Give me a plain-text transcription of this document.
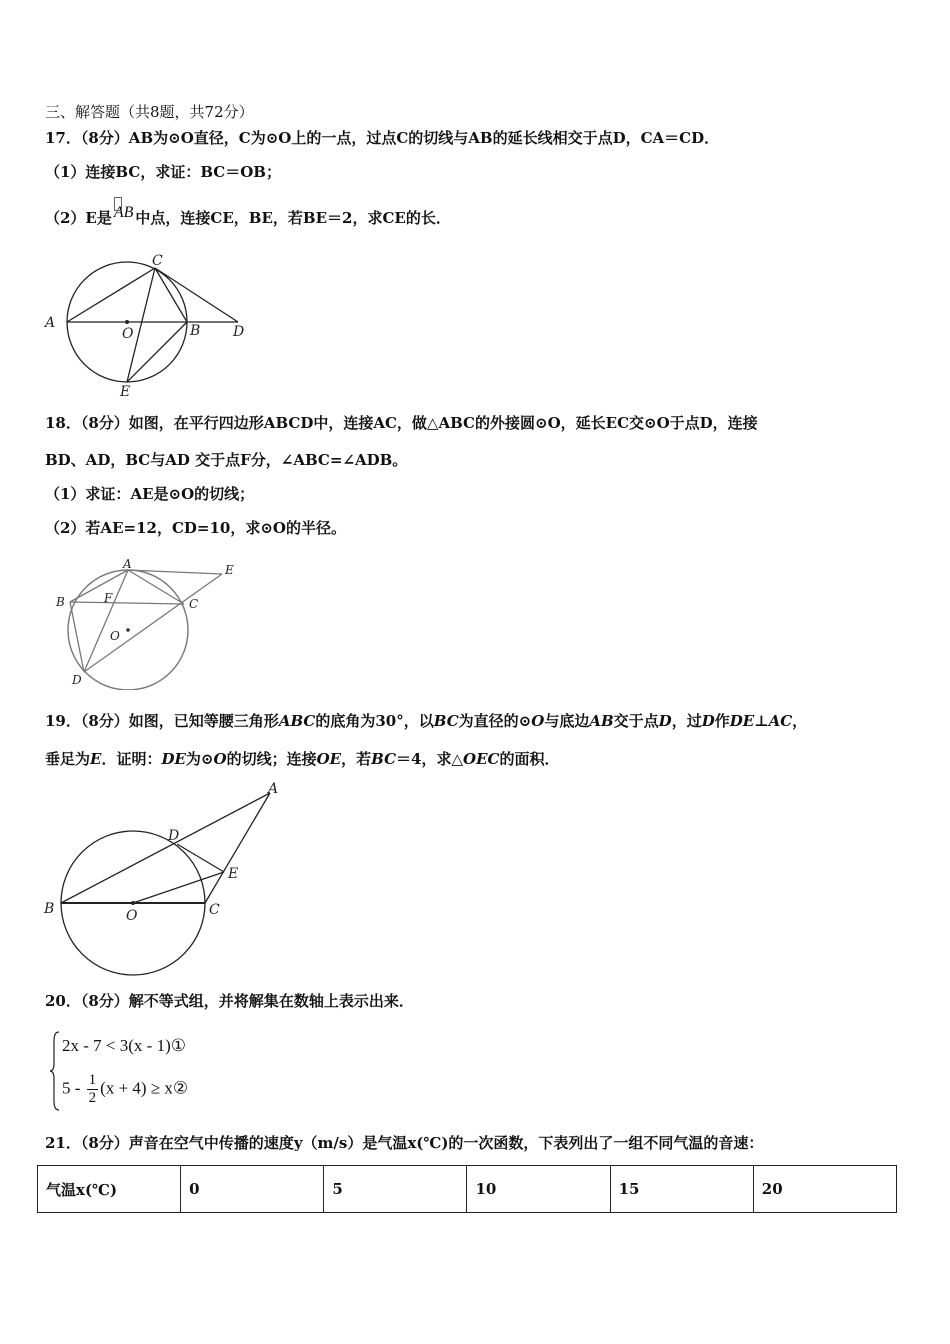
三、解答题（共8题，共72分）
17．（8分）AB为⊙O直径，C为⊙O上的一点，过点C的切线与AB的延长线相交于点D，CA＝CD．
（1）连接BC，求证：BC＝OB；
（2）E是 AB 中点，连接CE，BE，若BE＝2，求CE的长．
A
O	B D
C
E
18．（8分）如图，在平行四边形ABCD中，连接AC，做△ABC的外接圆⊙O，延长EC交⊙O于点D，连接
BD、AD，BC与AD 交于点F分，∠ABC=∠ADB。
（1）求证：AE是⊙O的切线；
（2）若AE=12，CD=10，求⊙O的半径。
A	E
B	F	C
O
D
19．（8分）如图，已知等腰三角形ABC的底角为30°，以BC为直径的⊙O与底边AB交于点D，过D作DE⊥AC，
垂足为E．证明：DE为⊙O的切线；连接OE，若BC＝4，求△OEC的面积．
A
D
E
B	O	C
20．（8分）解不等式组，并将解集在数轴上表示出来．
2x - 7 < 3(x - 1)①
$5 - \frac{1}{2} (x + 4)$ ≥ x②
21．（8分）声音在空气中传播的速度y（m/s）是气温x(℃)的一次函数，下表列出了一组不同气温的音速：
气温x(℃)	0	5	10	15	20
